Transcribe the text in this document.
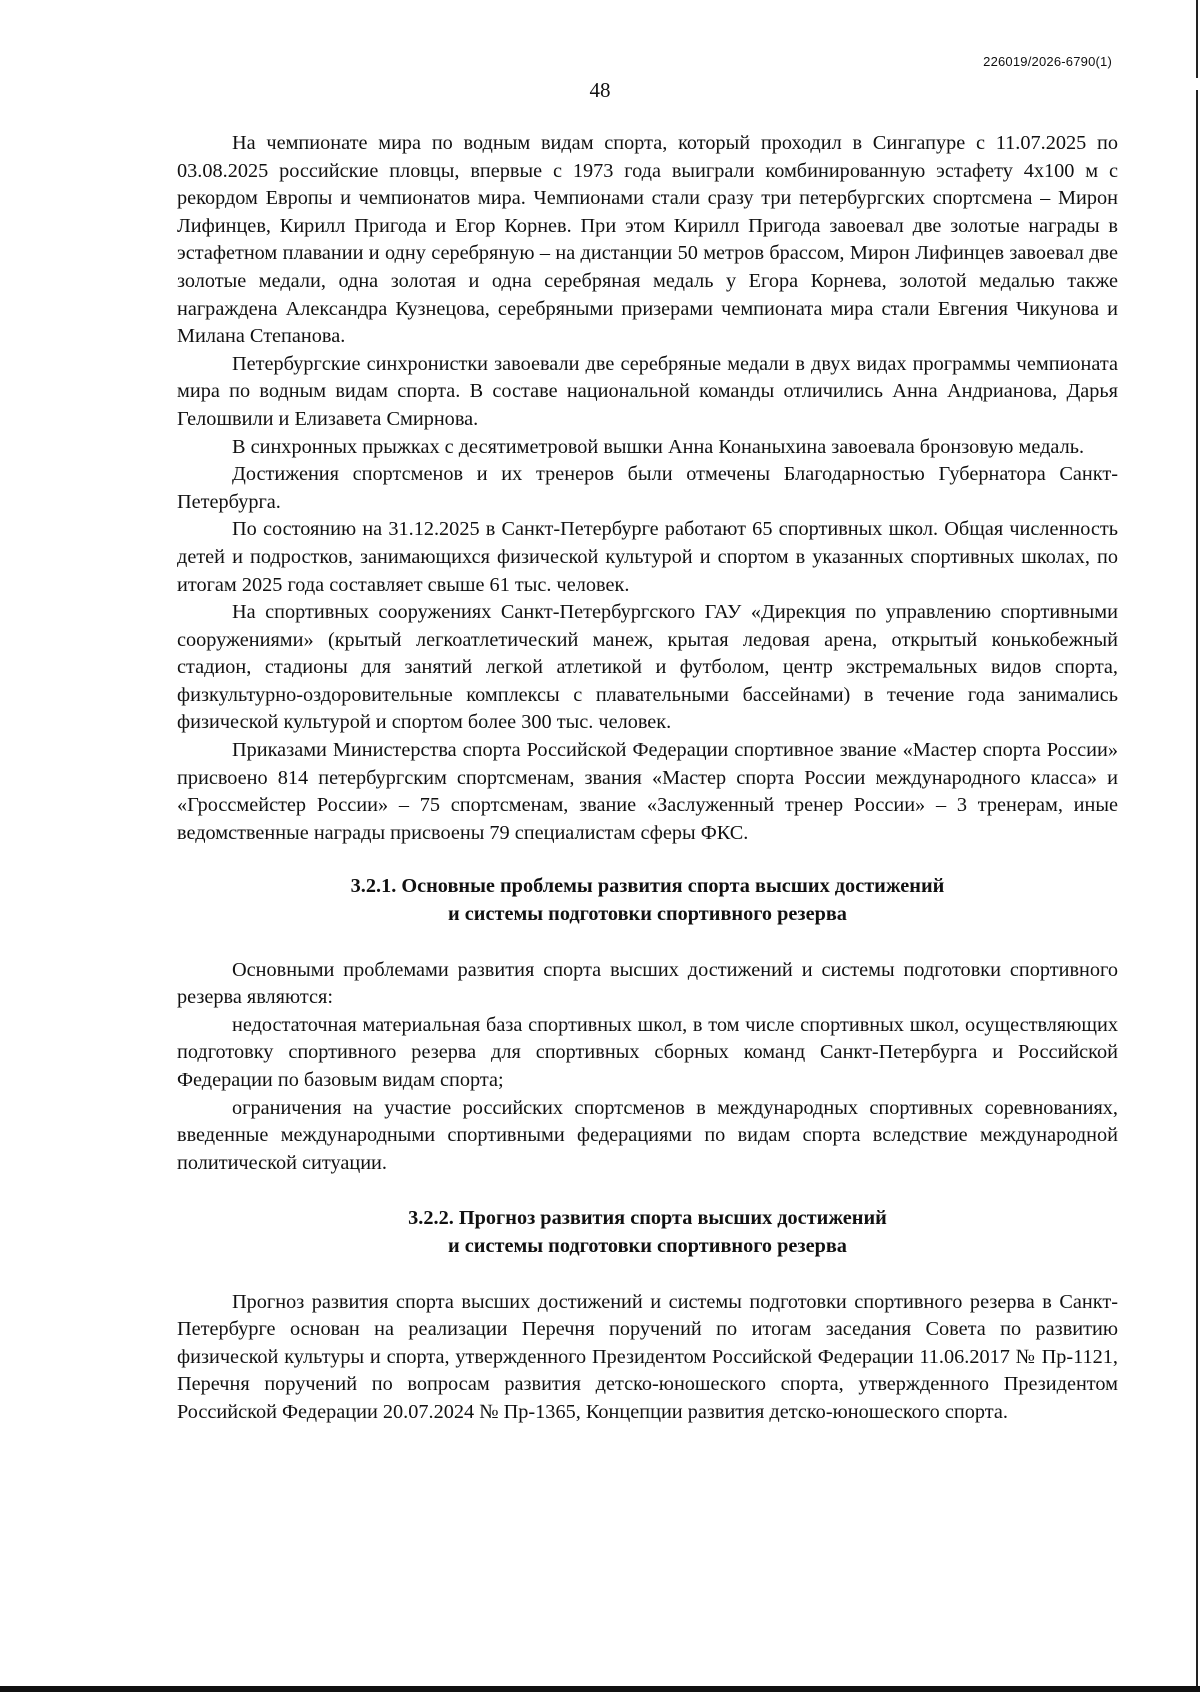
226019/2026-6790(1)
48

На чемпионате мира по водным видам спорта, который проходил в Сингапуре с 11.07.2025 по 03.08.2025 российские пловцы, впервые с 1973 года выиграли комбинированную эстафету 4х100 м с рекордом Европы и чемпионатов мира. Чемпионами стали сразу три петербургских спортсмена – Мирон Лифинцев, Кирилл Пригода и Егор Корнев. При этом Кирилл Пригода завоевал две золотые награды в эстафетном плавании и одну серебряную – на дистанции 50 метров брассом, Мирон Лифинцев завоевал две золотые медали, одна золотая и одна серебряная медаль у Егора Корнева, золотой медалью также награждена Александра Кузнецова, серебряными призерами чемпионата мира стали Евгения Чикунова и Милана Степанова.

Петербургские синхронистки завоевали две серебряные медали в двух видах программы чемпионата мира по водным видам спорта. В составе национальной команды отличились Анна Андрианова, Дарья Гелошвили и Елизавета Смирнова.

В синхронных прыжках с десятиметровой вышки Анна Конаныхина завоевала бронзовую медаль.

Достижения спортсменов и их тренеров были отмечены Благодарностью Губернатора Санкт-Петербурга.

По состоянию на 31.12.2025 в Санкт-Петербурге работают 65 спортивных школ. Общая численность детей и подростков, занимающихся физической культурой и спортом в указанных спортивных школах, по итогам 2025 года составляет свыше 61 тыс. человек.

На спортивных сооружениях Санкт-Петербургского ГАУ «Дирекция по управлению спортивными сооружениями» (крытый легкоатлетический манеж, крытая ледовая арена, открытый конькобежный стадион, стадионы для занятий легкой атлетикой и футболом, центр экстремальных видов спорта, физкультурно-оздоровительные комплексы с плавательными бассейнами) в течение года занимались физической культурой и спортом более 300 тыс. человек.

Приказами Министерства спорта Российской Федерации спортивное звание «Мастер спорта России» присвоено 814 петербургским спортсменам, звания «Мастер спорта России международного класса» и «Гроссмейстер России» – 75 спортсменам, звание «Заслуженный тренер России» – 3 тренерам, иные ведомственные награды присвоены 79 специалистам сферы ФКС.

3.2.1. Основные проблемы развития спорта высших достижений
и системы подготовки спортивного резерва

Основными проблемами развития спорта высших достижений и системы подготовки спортивного резерва являются:

недостаточная материальная база спортивных школ, в том числе спортивных школ, осуществляющих подготовку спортивного резерва для спортивных сборных команд Санкт-Петербурга и Российской Федерации по базовым видам спорта;

ограничения на участие российских спортсменов в международных спортивных соревнованиях, введенные международными спортивными федерациями по видам спорта вследствие международной политической ситуации.

3.2.2. Прогноз развития спорта высших достижений
и системы подготовки спортивного резерва

Прогноз развития спорта высших достижений и системы подготовки спортивного резерва в Санкт-Петербурге основан на реализации Перечня поручений по итогам заседания Совета по развитию физической культуры и спорта, утвержденного Президентом Российской Федерации 11.06.2017 № Пр-1121, Перечня поручений по вопросам развития детско-юношеского спорта, утвержденного Президентом Российской Федерации 20.07.2024 № Пр-1365, Концепции развития детско-юношеского спорта.
